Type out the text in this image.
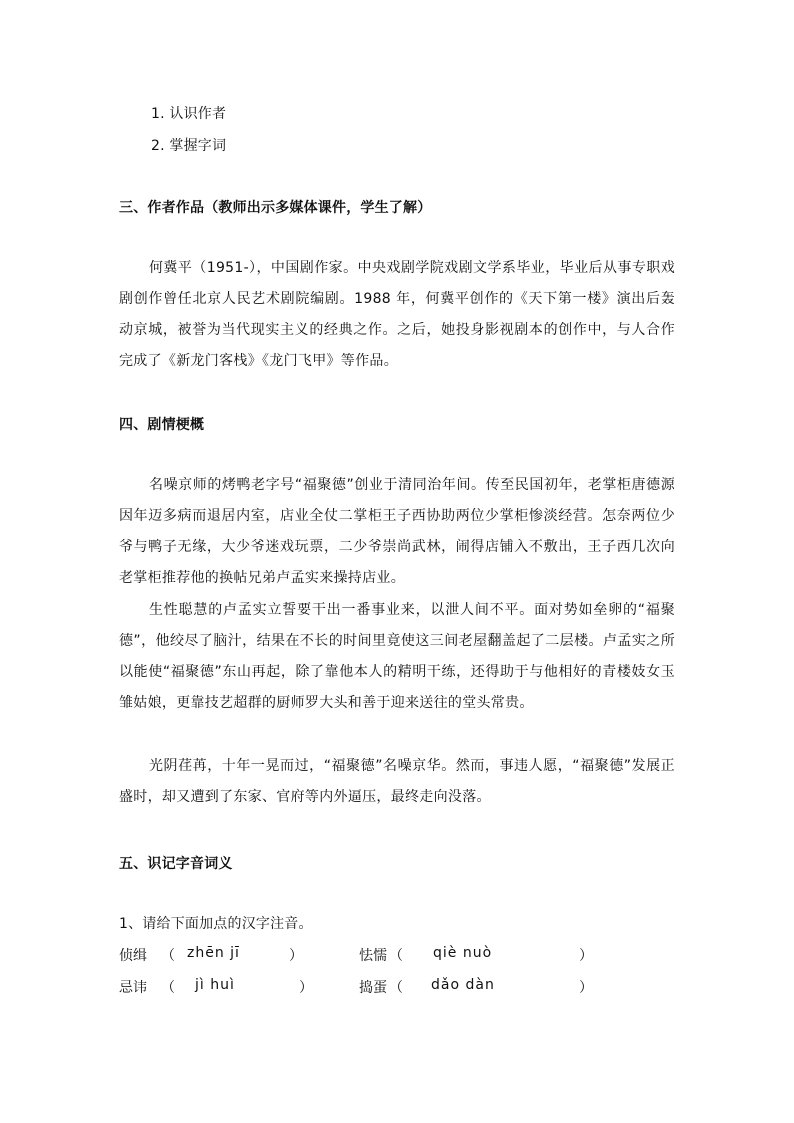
1. 认识作者
2. 掌握字词
三、作者作品（教师出示多媒体课件，学生了解）
何冀平（1951-），中国剧作家。中央戏剧学院戏剧文学系毕业，毕业后从事专职戏剧创作曾任北京人民艺术剧院编剧。1988 年，何冀平创作的《天下第一楼》演出后轰动京城，被誉为当代现实主义的经典之作。之后，她投身影视剧本的创作中，与人合作完成了《新龙门客栈》《龙门飞甲》等作品。
四、剧情梗概
名噪京师的烤鸭老字号“福聚德”创业于清同治年间。传至民国初年，老掌柜唐德源因年迈多病而退居内室，店业全仗二掌柜王子西协助两位少掌柜惨淡经营。怎奈两位少爷与鸭子无缘，大少爷迷戏玩票，二少爷崇尚武林，闹得店铺入不敷出，王子西几次向老掌柜推荐他的换帖兄弟卢孟实来操持店业。
生性聪慧的卢孟实立誓要干出一番事业来，以泄人间不平。面对势如垒卵的“福聚德”，他绞尽了脑汁，结果在不长的时间里竟使这三间老屋翻盖起了二层楼。卢孟实之所以能使“福聚德”东山再起，除了靠他本人的精明干练，还得助于与他相好的青楼妓女玉雏姑娘，更靠技艺超群的厨师罗大头和善于迎来送往的堂头常贵。
光阴荏苒，十年一晃而过，“福聚德”名噪京华。然而，事违人愿，“福聚德”发展正盛时，却又遭到了东家、官府等内外逼压，最终走向没落。
五、识记字音词义
1、请给下面加点的汉字注音。
侦缉 （ zhēn jī	）	怯懦 （ qiè nuò	）
忌讳 （ jì huì	）	捣蛋 （ dǎo dàn	）
